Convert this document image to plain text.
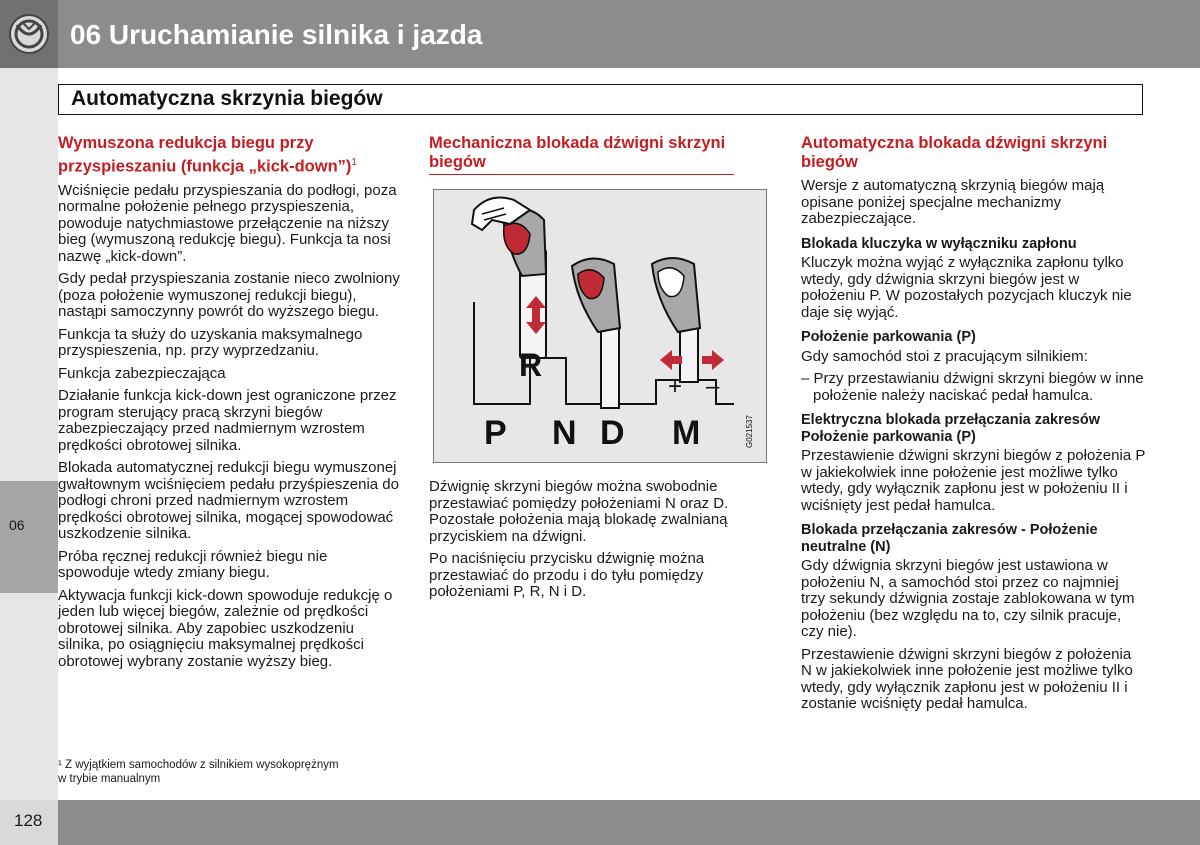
06 Uruchamianie silnika i jazda
06
Automatyczna skrzynia biegów
Wymuszona redukcja biegu przy przyspieszaniu (funkcja „kick-down”)$^1$

Wciśnięcie pedału przyspieszania do podłogi, poza normalne położenie pełnego przyspieszenia, powoduje natychmiastowe przełączenie na niższy bieg (wymuszoną redukcję biegu). Funkcja ta nosi nazwę „kick-down”.

Gdy pedał przyspieszania zostanie nieco zwolniony (poza położenie wymuszonej redukcji biegu), nastąpi samoczynny powrót do wyższego biegu.

Funkcja ta służy do uzyskania maksymalnego przyspieszenia, np. przy wyprzedzaniu.

Funkcja zabezpieczająca

Działanie funkcja kick-down jest ograniczone przez program sterujący pracą skrzyni biegów zabezpieczający przed nadmiernym wzrostem prędkości obrotowej silnika.

Blokada automatycznej redukcji biegu wymuszonej gwałtownym wciśnięciem pedału przyśpieszenia do podłogi chroni przed nadmiernym wzrostem prędkości obrotowej silnika, mogącej spowodować uszkodzenie silnika.

Próba ręcznej redukcji również biegu nie spowoduje wtedy zmiany biegu.

Aktywacja funkcji kick-down spowoduje redukcję o jeden lub więcej biegów, zależnie od prędkości obrotowej silnika. Aby zapobiec uszkodzeniu silnika, po osiągnięciu maksymalnej prędkości obrotowej wybrany zostanie wyższy bieg.

¹ Z wyjątkiem samochodów z silnikiem wysokoprężnym
w trybie manualnym
Mechaniczna blokada dźwigni skrzyni biegów
R
+ –
P N D M	G021537

Dźwignię skrzyni biegów można swobodnie przestawiać pomiędzy położeniami N oraz D. Pozostałe położenia mają blokadę zwalnianą przyciskiem na dźwigni.

Po naciśnięciu przycisku dźwignię można przestawiać do przodu i do tyłu pomiędzy położeniami P, R, N i D.

Automatyczna blokada dźwigni skrzyni biegów

Wersje z automatyczną skrzynią biegów mają opisane poniżej specjalne mechanizmy zabezpieczające.

Blokada kluczyka w wyłączniku zapłonu

Kluczyk można wyjąć z wyłącznika zapłonu tylko wtedy, gdy dźwignia skrzyni biegów jest w położeniu P. W pozostałych pozycjach kluczyk nie daje się wyjąć.

Położenie parkowania (P)

Gdy samochód stoi z pracującym silnikiem:

– Przy przestawianiu dźwigni skrzyni biegów w inne położenie należy naciskać pedał hamulca.

Elektryczna blokada przełączania zakresów Położenie parkowania (P)

Przestawienie dźwigni skrzyni biegów z położenia P w jakiekolwiek inne położenie jest możliwe tylko wtedy, gdy wyłącznik zapłonu jest w położeniu II i wciśnięty jest pedał hamulca.

Blokada przełączania zakresów - Położenie neutralne (N)

Gdy dźwignia skrzyni biegów jest ustawiona w położeniu N, a samochód stoi przez co najmniej trzy sekundy dźwignia zostaje zablokowana w tym położeniu (bez względu na to, czy silnik pracuje, czy nie).

Przestawienie dźwigni skrzyni biegów z położenia N w jakiekolwiek inne położenie jest możliwe tylko wtedy, gdy wyłącznik zapłonu jest w położeniu II i zostanie wciśnięty pedał hamulca.

128
